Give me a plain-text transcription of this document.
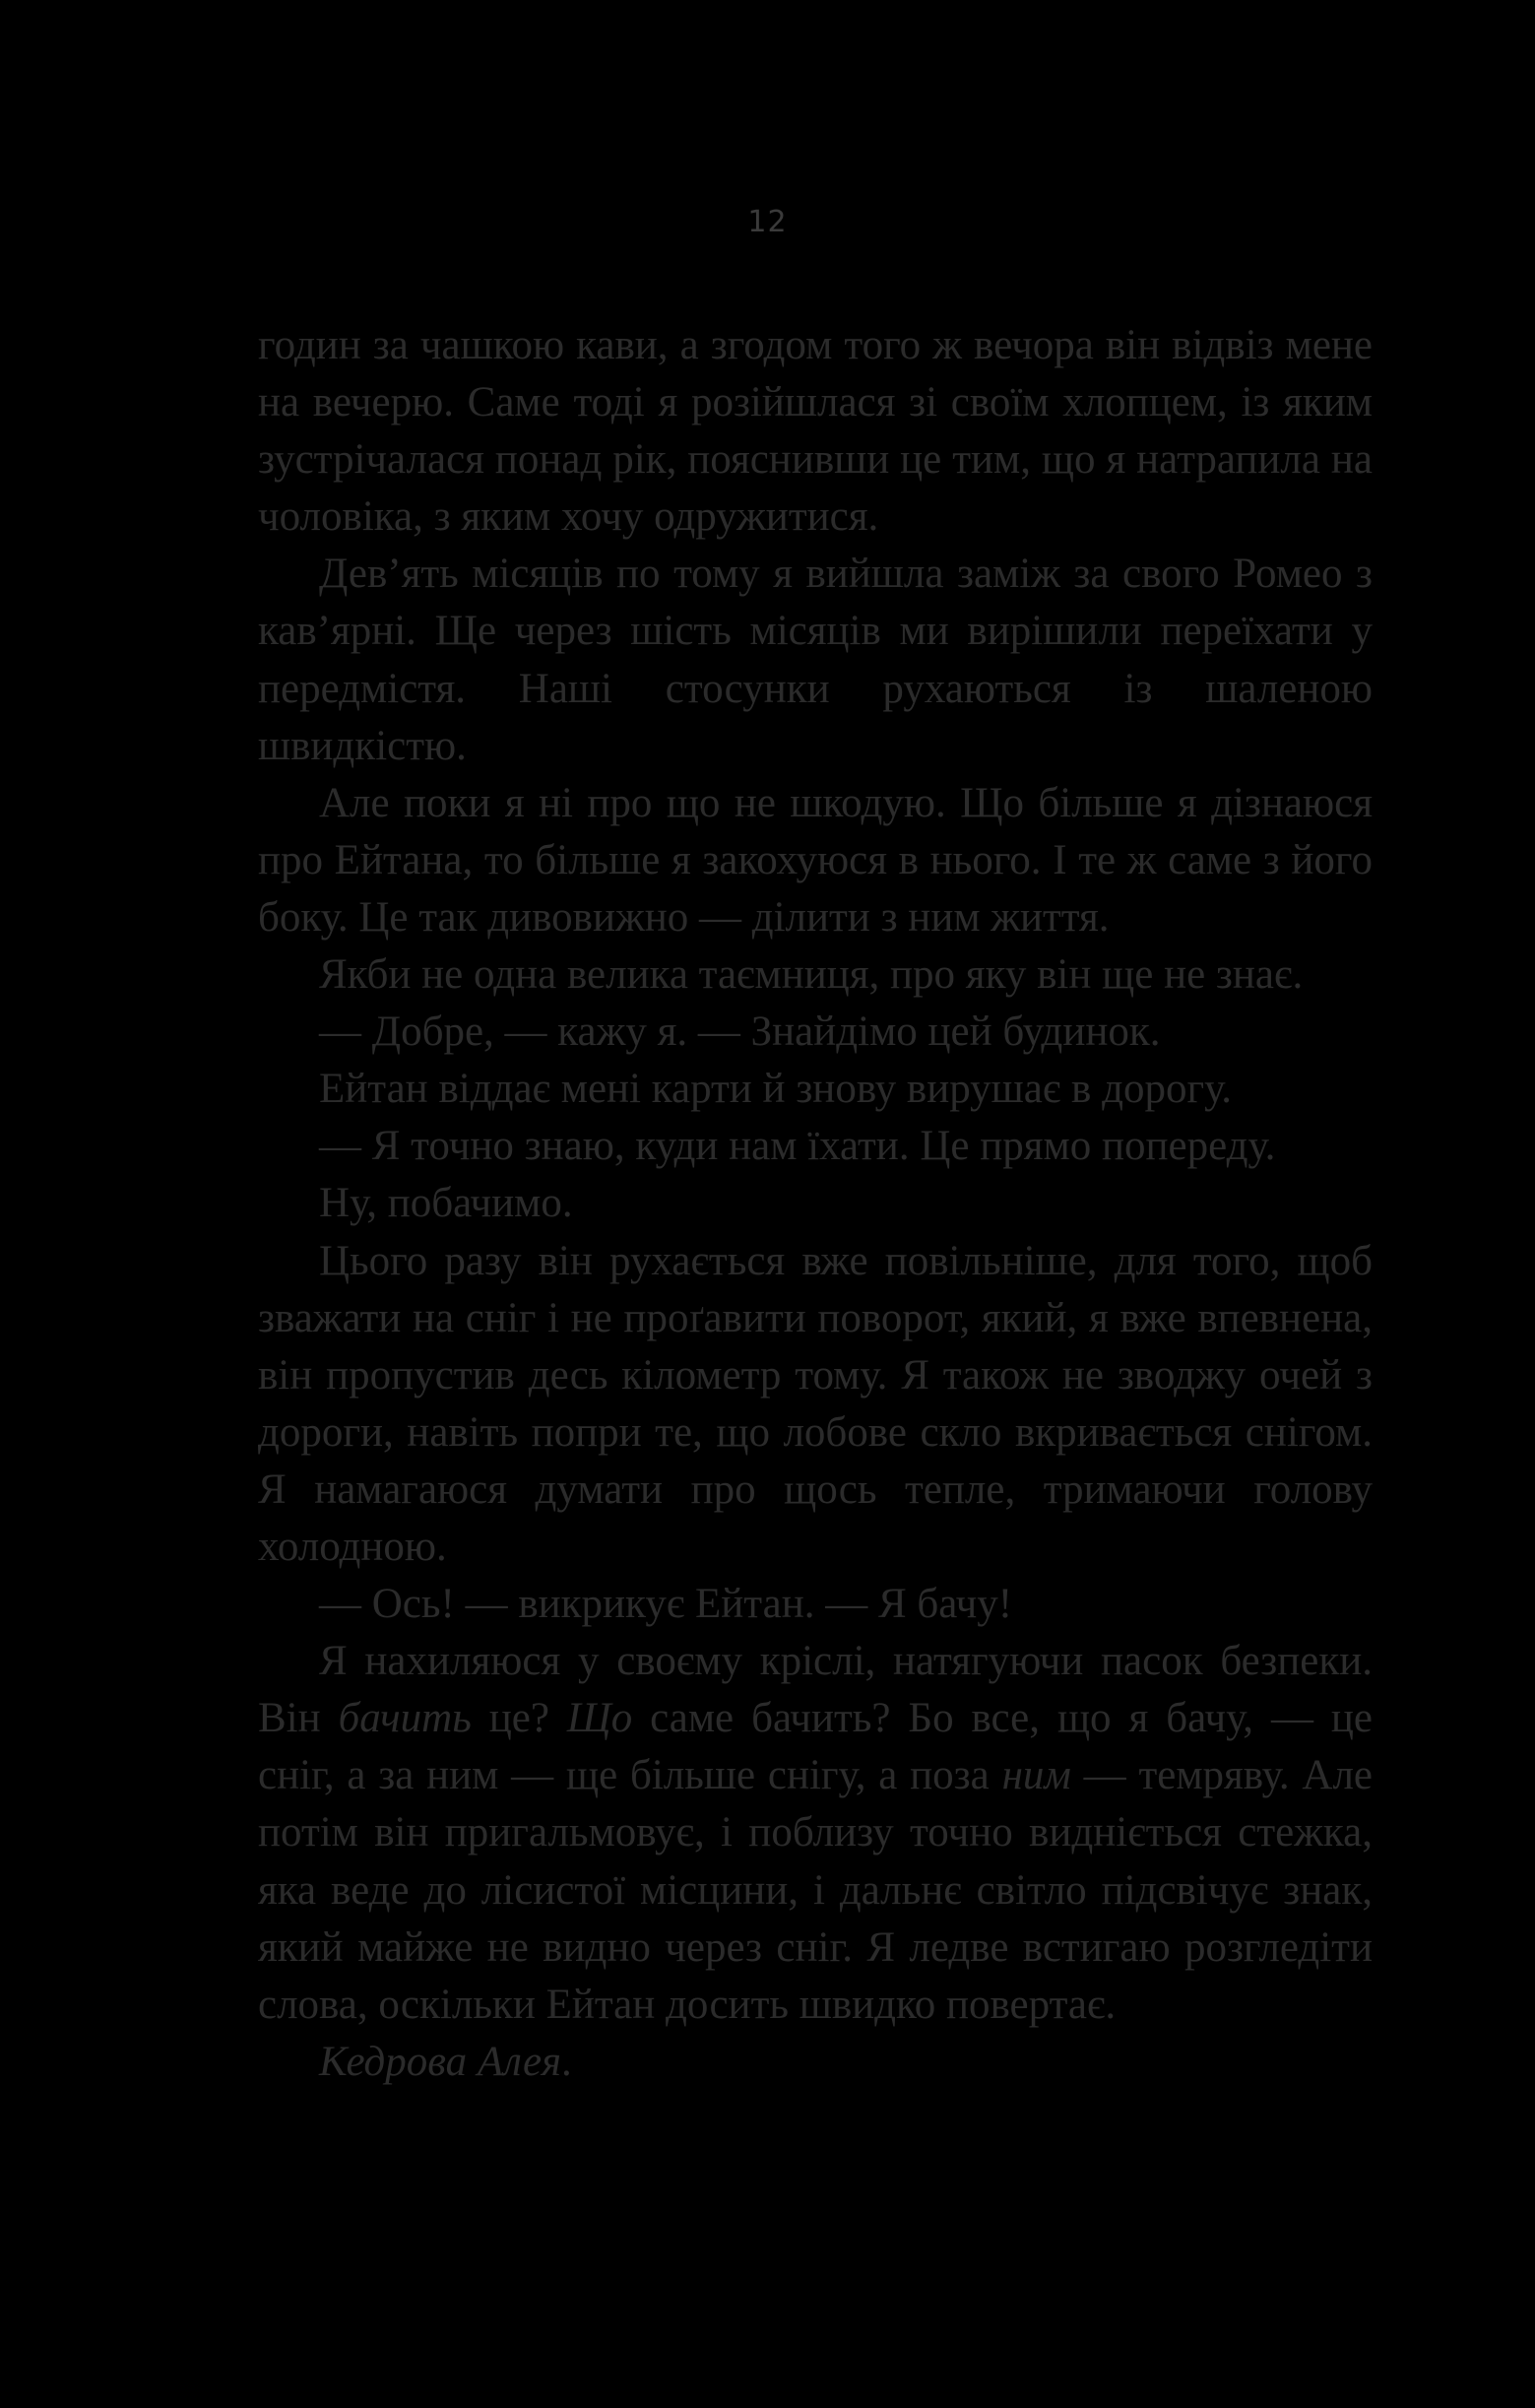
12

годин за чашкою кави, а згодом того ж вечора він відвіз мене на вечерю. Саме тоді я розійшлася зі своїм хлопцем, із яким зустрічалася понад рік, пояснивши це тим, що я натрапила на чоловіка, з яким хочу одружитися.

Дев’ять місяців по тому я вийшла заміж за свого Ромео з кав’ярні. Ще через шість місяців ми вирішили переїхати у передмістя. Наші стосунки рухаються із шаленою швидкістю.

Але поки я ні про що не шкодую. Що більше я дізнаюся про Ейтана, то більше я закохуюся в нього. І те ж саме з його боку. Це так дивовижно — ділити з ним життя.

Якби не одна велика таємниця, про яку він ще не знає.

— Добре, — кажу я. — Знайдімо цей будинок.

Ейтан віддає мені карти й знову вирушає в дорогу.

— Я точно знаю, куди нам їхати. Це прямо попереду.

Ну, побачимо.

Цього разу він рухається вже повільніше, для того, щоб зважати на сніг і не проґавити поворот, який, я вже впевнена, він пропустив десь кілометр тому. Я також не зводжу очей з дороги, навіть попри те, що лобове скло вкривається снігом. Я намагаюся думати про щось тепле, тримаючи голову холодною.

— Ось! — викрикує Ейтан. — Я бачу!

Я нахиляюся у своєму кріслі, натягуючи пасок безпеки. Він бачить це? Що саме бачить? Бо все, що я бачу, — це сніг, а за ним — ще більше снігу, а поза ним — темряву. Але потім він пригальмовує, і поблизу точно видніється стежка, яка веде до лісистої місцини, і дальнє світло підсвічує знак, який майже не видно через сніг. Я ледве встигаю розгледіти слова, оскільки Ейтан досить швидко повертає.

Кедрова Алея.
